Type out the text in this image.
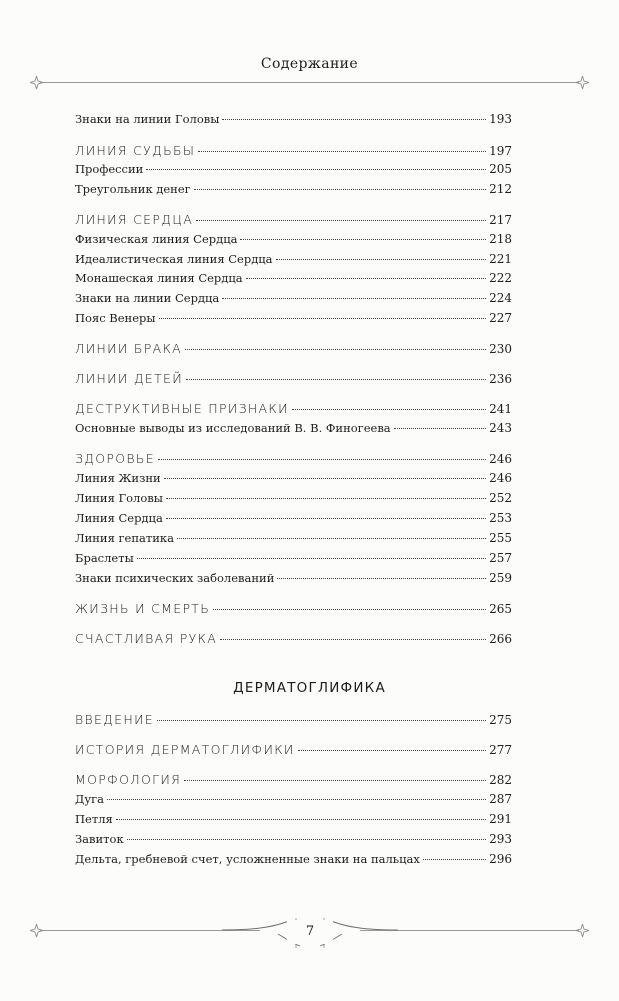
Содержание
Знаки на линии Головы	193
ЛИНИЯ СУДЬБЫ	197
Профессии	205
Треугольник денег	212
ЛИНИЯ СЕРДЦА	217
Физическая линия Сердца	218
Идеалистическая линия Сердца	221
Монашеская линия Сердца	222
Знаки на линии Сердца	224
Пояс Венеры	227
ЛИНИИ БРАКА	230
ЛИНИИ ДЕТЕЙ	236
ДЕСТРУКТИВНЫЕ ПРИЗНАКИ	241
Основные выводы из исследований В. В. Финогеева	243
ЗДОРОВЬЕ	246
Линия Жизни	246
Линия Головы	252
Линия Сердца	253
Линия гепатика	255
Браслеты	257
Знаки психических заболеваний	259
ЖИЗНЬ И СМЕРТЬ	265
СЧАСТЛИВАЯ РУКА	266
ВВЕДЕНИЕ	275
ИСТОРИЯ ДЕРМАТОГЛИФИКИ	277
МОРФОЛОГИЯ	282
Дуга	287
Петля	291
Завиток	293
Дельта, гребневой счет, усложненные знаки на пальцах	296
ДЕРМАТОГЛИФИКА
7
